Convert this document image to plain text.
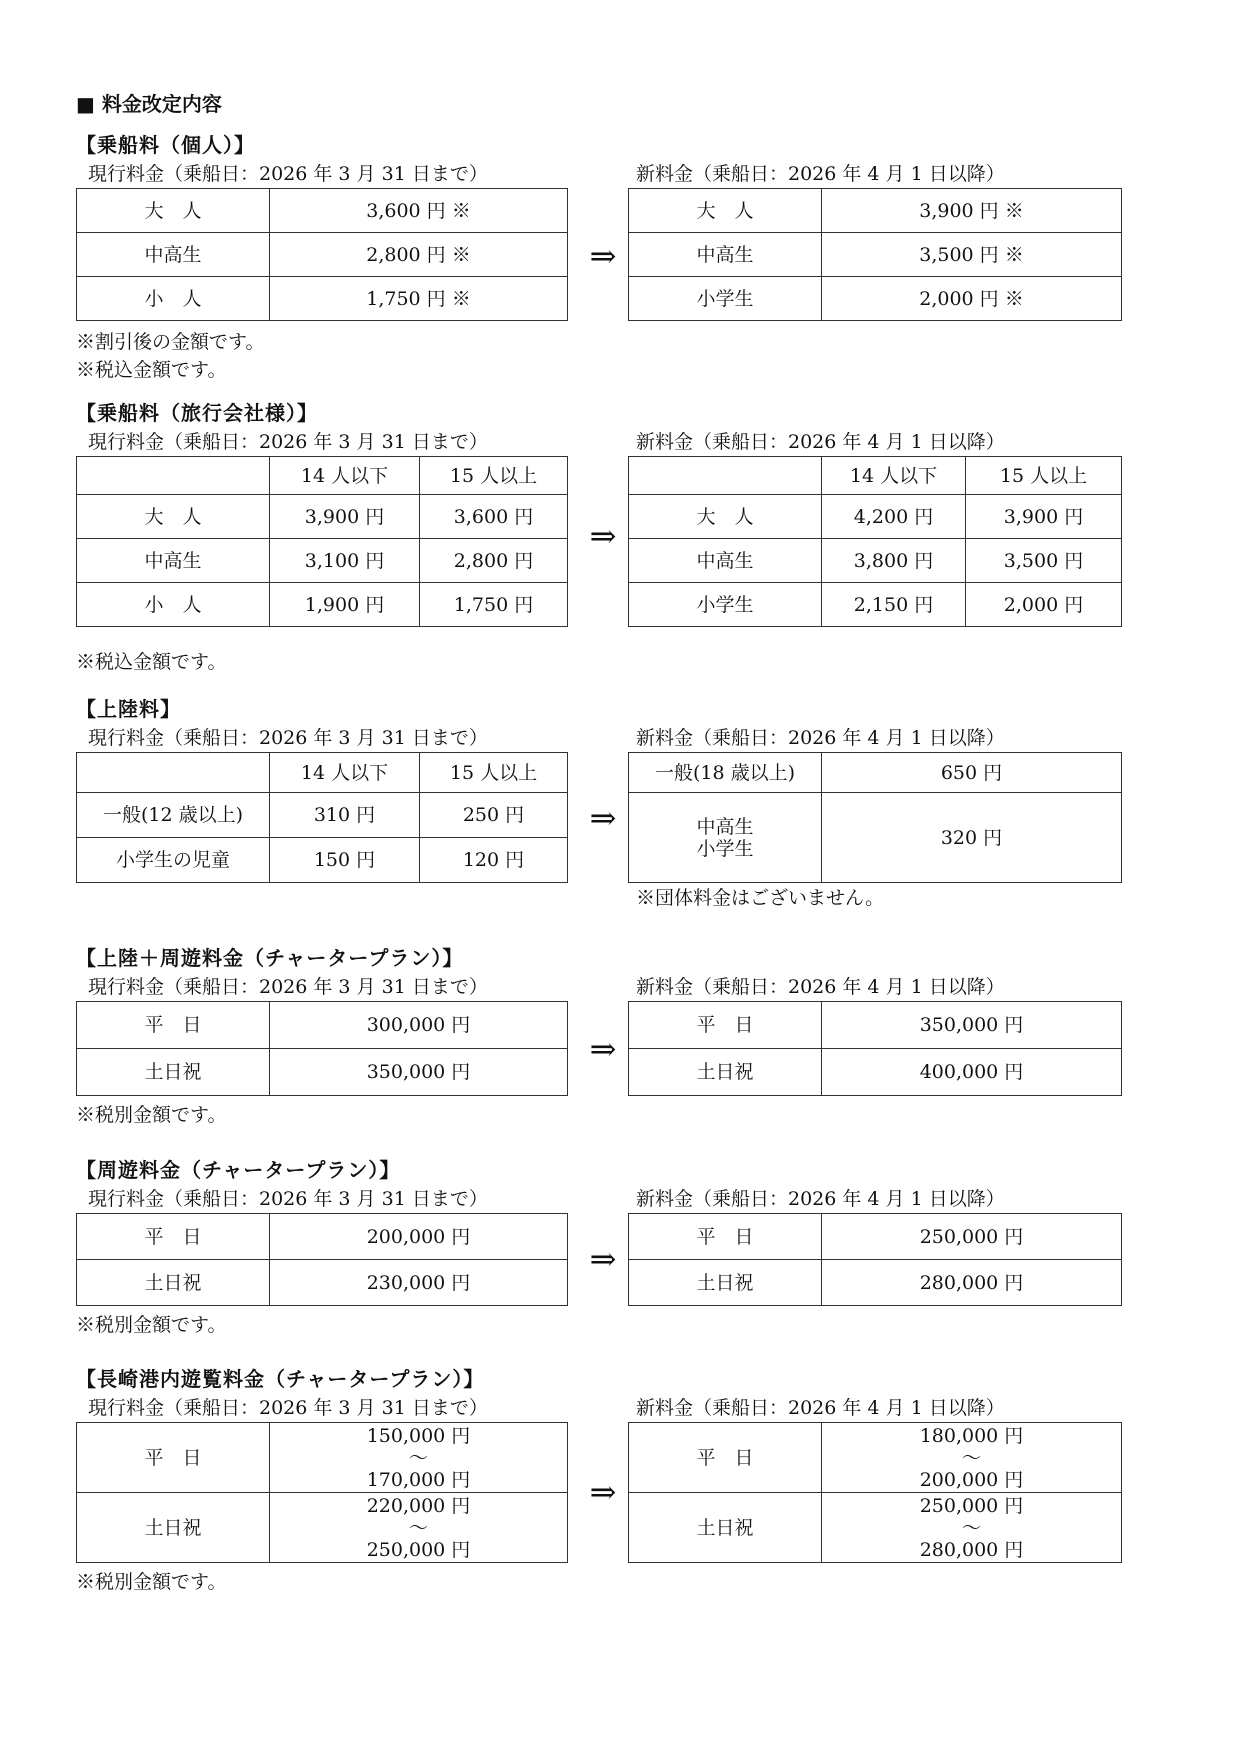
■ 料金改定内容
【乗船料（個人）】
現行料金（乗船日：2026 年 3 月 31 日まで）	新料金（乗船日：2026 年 4 月 1 日以降）
大　人	3,600 円 ※
中高生	2,800 円 ※
小　人	1,750 円 ※
⇒
大　人	3,900 円 ※
中高生	3,500 円 ※
小学生	2,000 円 ※
※割引後の金額です。
※税込金額です。
【乗船料（旅行会社様）】
現行料金（乗船日：2026 年 3 月 31 日まで）	新料金（乗船日：2026 年 4 月 1 日以降）
	14 人以下	15 人以上
大　人	3,900 円	3,600 円
中高生	3,100 円	2,800 円
小　人	1,900 円	1,750 円
⇒
	14 人以下	15 人以上
大　人	4,200 円	3,900 円
中高生	3,800 円	3,500 円
小学生	2,150 円	2,000 円
※税込金額です。
【上陸料】
現行料金（乗船日：2026 年 3 月 31 日まで）	新料金（乗船日：2026 年 4 月 1 日以降）
	14 人以下	15 人以上
一般(12 歳以上)	310 円	250 円
小学生の児童	150 円	120 円
⇒
一般(18 歳以上)	650 円

中高生
小学生	320 円
※団体料金はございません。
【上陸＋周遊料金（チャータープラン）】
現行料金（乗船日：2026 年 3 月 31 日まで）	新料金（乗船日：2026 年 4 月 1 日以降）
平　日	300,000 円
土日祝	350,000 円
⇒
平　日	350,000 円
土日祝	400,000 円
※税別金額です。
【周遊料金（チャータープラン）】
現行料金（乗船日：2026 年 3 月 31 日まで）	新料金（乗船日：2026 年 4 月 1 日以降）
平　日	200,000 円
土日祝	230,000 円
⇒
平　日	250,000 円
土日祝	280,000 円
※税別金額です。
【長崎港内遊覧料金（チャータープラン）】
現行料金（乗船日：2026 年 3 月 31 日まで）	新料金（乗船日：2026 年 4 月 1 日以降）
平　日	150,000 円
～
170,000 円

土日祝	220,000 円
～
250,000 円
⇒
平　日	180,000 円
～
200,000 円

土日祝	250,000 円
～
280,000 円
※税別金額です。
